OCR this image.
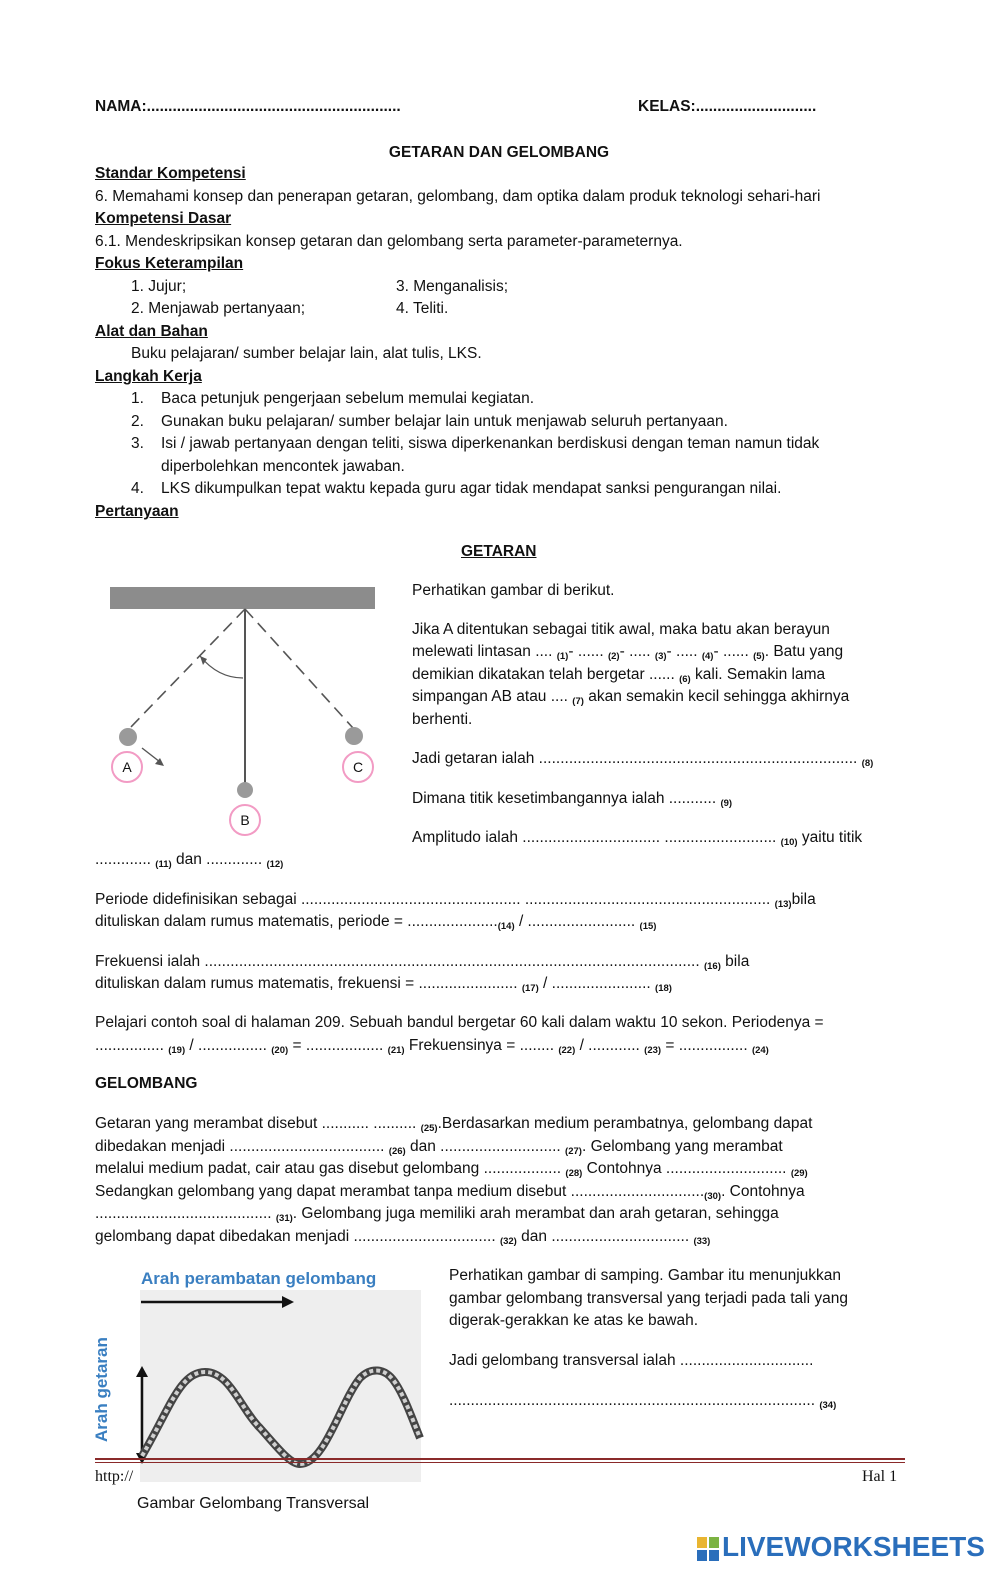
NAMA:...........................................................	KELAS:............................
GETARAN DAN GELOMBANG
Standar Kompetensi
6. Memahami konsep dan penerapan getaran, gelombang, dam optika dalam produk teknologi sehari-hari
Kompetensi Dasar
6.1. Mendeskripsikan konsep getaran dan gelombang serta parameter-parameternya.
Fokus Keterampilan
1. Jujur;	3. Menganalisis;
2. Menjawab pertanyaan;	4. Teliti.
Alat dan Bahan
Buku pelajaran/ sumber belajar lain, alat tulis, LKS.
Langkah Kerja
1. Baca petunjuk pengerjaan sebelum memulai kegiatan.
2. Gunakan buku pelajaran/ sumber belajar lain untuk menjawab seluruh pertanyaan.
3. Isi / jawab pertanyaan dengan teliti, siswa diperkenankan berdiskusi dengan teman namun tidak
diperbolehkan mencontek jawaban.
4. LKS dikumpulkan tepat waktu kepada guru agar tidak mendapat sanksi pengurangan nilai.
Pertanyaan
GETARAN
A
B
C
Perhatikan gambar di berikut.
Jika A ditentukan sebagai titik awal, maka batu akan berayun
melewati lintasan .... (1)- ...... (2)- ..... (3)- ..... (4)- ...... (5). Batu yang
demikian dikatakan telah bergetar ...... (6) kali. Semakin lama
simpangan AB atau .... (7) akan semakin kecil sehingga akhirnya
berhenti.
Jadi getaran ialah .......................................................................... (8)
Dimana titik kesetimbangannya ialah ........... (9)
Amplitudo ialah ................................ .......................... (10) yaitu titik
............. (11) dan ............. (12)
Periode didefinisikan sebagai ................................................... ......................................................... (13)bila
dituliskan dalam rumus matematis, periode = .....................(14) / ......................... (15)
Frekuensi ialah ................................................................................................................... (16) bila
dituliskan dalam rumus matematis, frekuensi = ....................... (17) / ....................... (18)
Pelajari contoh soal di halaman 209. Sebuah bandul bergetar 60 kali dalam waktu 10 sekon. Periodenya =
................ (19) / ................ (20) = .................. (21) Frekuensinya = ........ (22) / ............ (23) = ................ (24)
GELOMBANG
Getaran yang merambat disebut ........... .......... (25).Berdasarkan medium perambatnya, gelombang dapat
dibedakan menjadi .................................... (26) dan ............................ (27). Gelombang yang merambat
melalui medium padat, cair atau gas disebut gelombang .................. (28) Contohnya ............................ (29)
Sedangkan gelombang yang dapat merambat tanpa medium disebut ...............................(30). Contohnya
......................................... (31). Gelombang juga memiliki arah merambat dan arah getaran, sehingga
gelombang dapat dibedakan menjadi ................................. (32) dan ................................ (33)
Arah perambatan gelombang
Arah getaran
Gambar Gelombang Transversal
Perhatikan gambar di samping. Gambar itu menunjukkan
gambar gelombang transversal yang terjadi pada tali yang
digerak-gerakkan ke atas ke bawah.
Jadi gelombang transversal ialah ...............................
..................................................................................... (34)
http://	Hal 1
LIVEWORKSHEETS
